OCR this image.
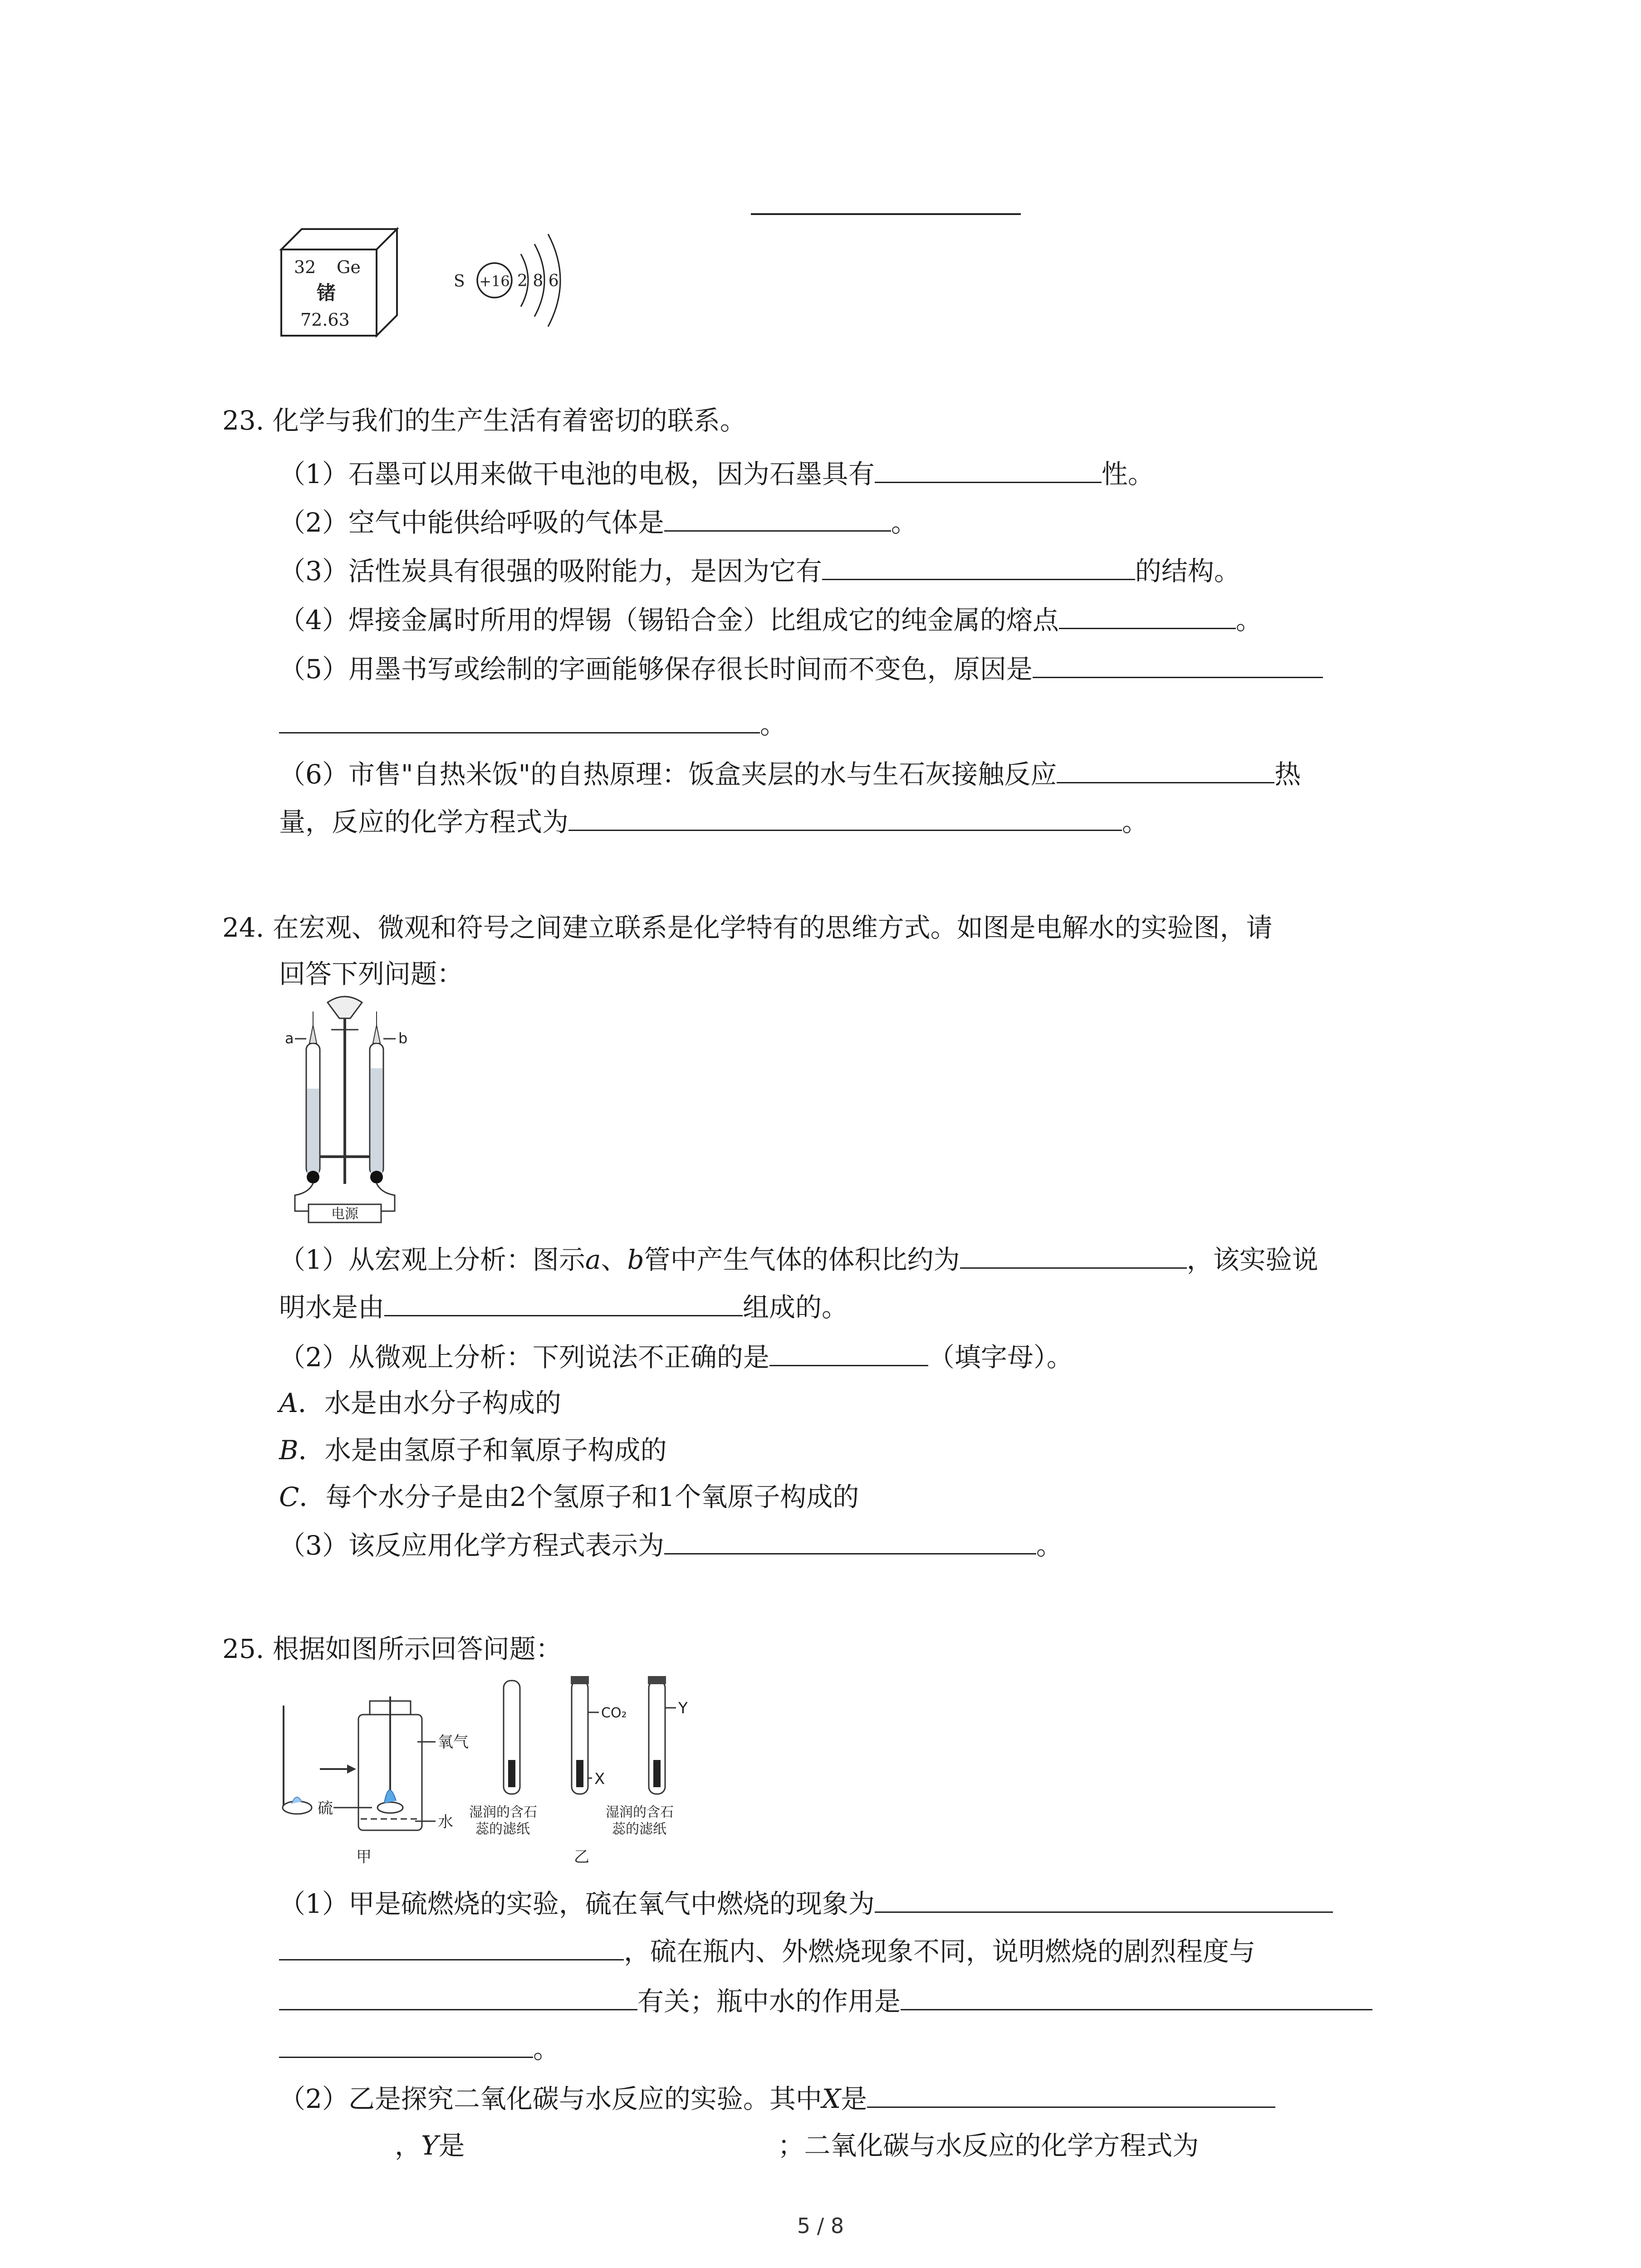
32 Ge
锗
72.63
S +16 2 8 6
23. 化学与我们的生产生活有着密切的联系。
（1）石墨可以用来做干电池的电极，因为石墨具有	性。
（2）空气中能供给呼吸的气体是	。
（3）活性炭具有很强的吸附能力，是因为它有	的结构。
（4）焊接金属时所用的焊锡（锡铅合金）比组成它的纯金属的熔点	。
（5）用墨书写或绘制的字画能够保存很长时间而不变色，原因是
。
（6）市售"自热米饭"的自热原理：饭盒夹层的水与生石灰接触反应	热
量，反应的化学方程式为	。
24. 在宏观、微观和符号之间建立联系是化学特有的思维方式。如图是电解水的实验图，请
回答下列问题：
电源
a	b
（1）从宏观上分析：图示a、b管中产生气体的体积比约为	，该实验说
明水是由	组成的。
（2）从微观上分析：下列说法不正确的是	（填字母）。
A．水是由水分子构成的
B．水是由氢原子和氧原子构成的
C．每个水分子是由2个氢原子和1个氧原子构成的
（3）该反应用化学方程式表示为	。
25. 根据如图所示回答问题：
氧气
硫
水
甲
CO₂
X
Y
湿润的含石
蕊的滤纸
湿润的含石
蕊的滤纸
乙
（1）甲是硫燃烧的实验，硫在氧气中燃烧的现象为
，硫在瓶内、外燃烧现象不同，说明燃烧的剧烈程度与
有关；瓶中水的作用是
。
（2）乙是探究二氧化碳与水反应的实验。其中X是
，Y是	；二氧化碳与水反应的化学方程式为
5 / 8
